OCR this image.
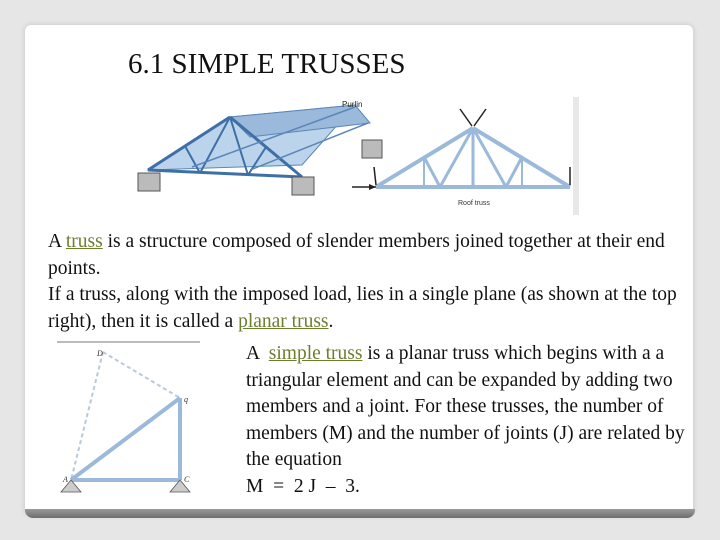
6.1 SIMPLE TRUSSES
Purlin
Roof truss
D
q
A	C
A truss is a structure composed of slender members joined together at their end points.
If a truss, along with the imposed load, lies in a single plane (as shown at the top right), then it is called a planar truss.
A  simple truss is a planar truss which begins with a a triangular element and can be expanded by adding two members and a joint. For these trusses, the number of members (M) and the number of joints (J) are related by the equation
M  =  2 J  –  3.
